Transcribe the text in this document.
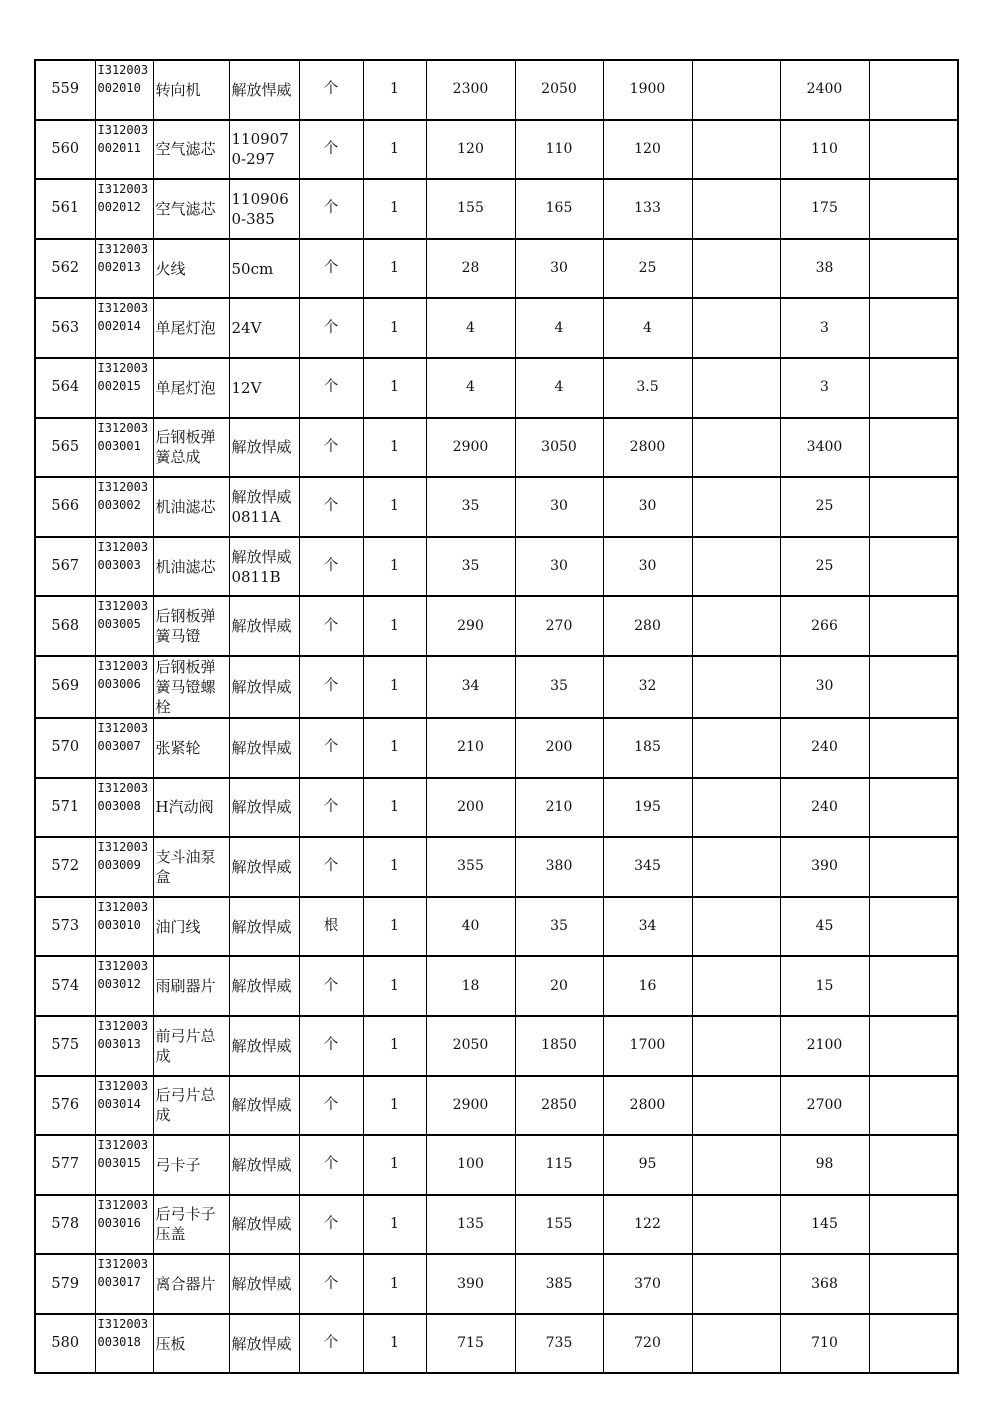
559	I312003002010	转向机	解放悍威	个	1	2300	2050	1900		2400	
560	I312003002011	空气滤芯	1109070-297	个	1	120	110	120		110	
561	I312003002012	空气滤芯	1109060-385	个	1	155	165	133		175	
562	I312003002013	火线	50cm	个	1	28	30	25		38	
563	I312003002014	单尾灯泡	24V	个	1	4	4	4		3	
564	I312003002015	单尾灯泡	12V	个	1	4	4	3.5		3	
565	I312003003001	后钢板弹簧总成	解放悍威	个	1	2900	3050	2800		3400	
566	I312003003002	机油滤芯	解放悍威0811A	个	1	35	30	30		25	
567	I312003003003	机油滤芯	解放悍威0811B	个	1	35	30	30		25	
568	I312003003005	后钢板弹簧马镫	解放悍威	个	1	290	270	280		266	
569	I312003003006	后钢板弹簧马镫螺栓	解放悍威	个	1	34	35	32		30	
570	I312003003007	张紧轮	解放悍威	个	1	210	200	185		240	
571	I312003003008	H汽动阀	解放悍威	个	1	200	210	195		240	
572	I312003003009	支斗油泵盒	解放悍威	个	1	355	380	345		390	
573	I312003003010	油门线	解放悍威	根	1	40	35	34		45	
574	I312003003012	雨刷器片	解放悍威	个	1	18	20	16		15	
575	I312003003013	前弓片总成	解放悍威	个	1	2050	1850	1700		2100	
576	I312003003014	后弓片总成	解放悍威	个	1	2900	2850	2800		2700	
577	I312003003015	弓卡子	解放悍威	个	1	100	115	95		98	
578	I312003003016	后弓卡子压盖	解放悍威	个	1	135	155	122		145	
579	I312003003017	离合器片	解放悍威	个	1	390	385	370		368	
580	I312003003018	压板	解放悍威	个	1	715	735	720		710	
